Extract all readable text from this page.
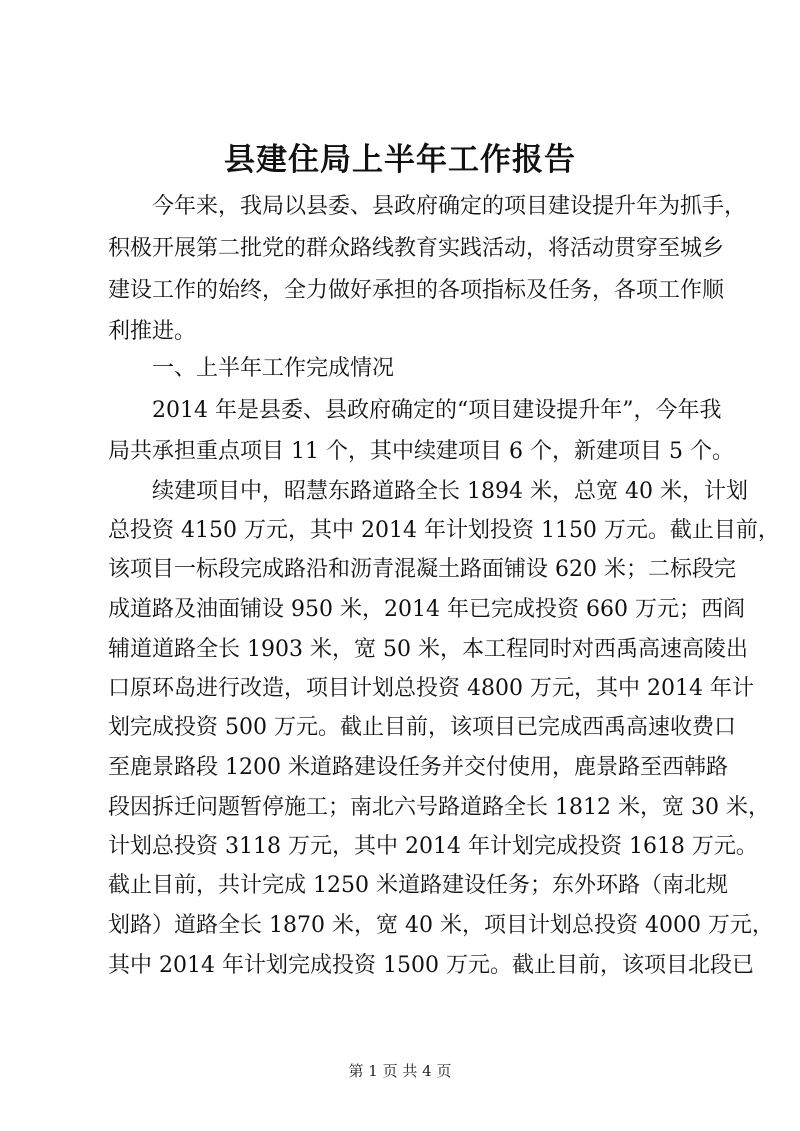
县建住局上半年工作报告

　　今年来，我局以县委、县政府确定的项目建设提升年为抓手，

积极开展第二批党的群众路线教育实践活动，将活动贯穿至城乡

建设工作的始终，全力做好承担的各项指标及任务，各项工作顺

利推进。

　　一、上半年工作完成情况

　　2014 年是县委、县政府确定的“项目建设提升年”，今年我

局共承担重点项目 11 个，其中续建项目 6 个，新建项目 5 个。

　　续建项目中，昭慧东路道路全长 1894 米，总宽 40 米，计划

总投资 4150 万元，其中 2014 年计划投资 1150 万元。截止目前，

该项目一标段完成路沿和沥青混凝土路面铺设 620 米；二标段完

成道路及油面铺设 950 米，2014 年已完成投资 660 万元；西阎

辅道道路全长 1903 米，宽 50 米，本工程同时对西禹高速高陵出

口原环岛进行改造，项目计划总投资 4800 万元，其中 2014 年计

划完成投资 500 万元。截止目前，该项目已完成西禹高速收费口

至鹿景路段 1200 米道路建设任务并交付使用，鹿景路至西韩路

段因拆迁问题暂停施工；南北六号路道路全长 1812 米，宽 30 米，

计划总投资 3118 万元，其中 2014 年计划完成投资 1618 万元。

截止目前，共计完成 1250 米道路建设任务；东外环路（南北规

划路）道路全长 1870 米，宽 40 米，项目计划总投资 4000 万元，

其中 2014 年计划完成投资 1500 万元。截止目前，该项目北段已

第 1 页 共 4 页
